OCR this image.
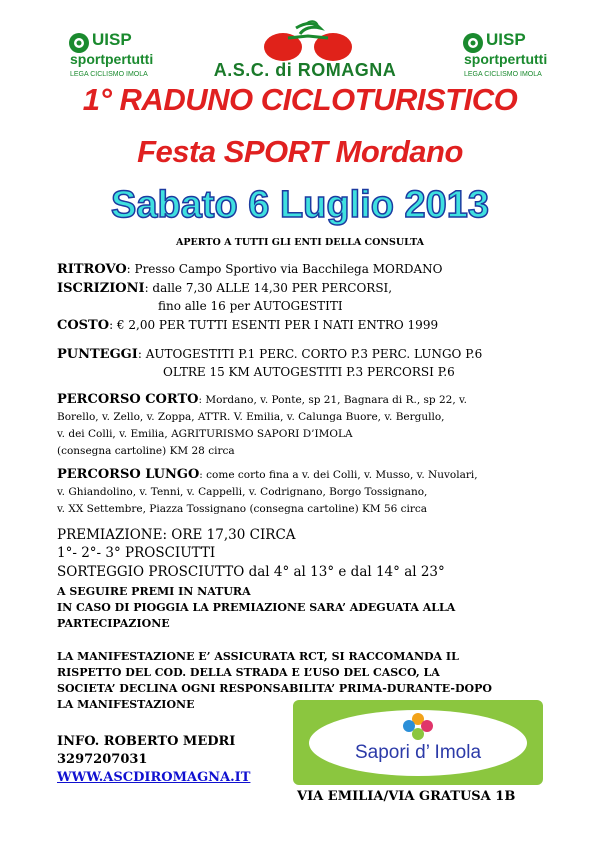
UISP
sportpertutti
LEGA CICLISMO IMOLA	A.S.C. di ROMAGNA
UISP
sportpertutti
LEGA CICLISMO IMOLA
1° RADUNO CICLOTURISTICO
Festa SPORT Mordano
Sabato 6 Luglio 2013
APERTO A TUTTI GLI ENTI DELLA CONSULTA
RITROVO: Presso Campo Sportivo via Bacchilega MORDANO
ISCRIZIONI: dalle 7,30 ALLE 14,30 PER PERCORSI,
fino alle 16 per AUTOGESTITI
COSTO: € 2,00 PER TUTTI ESENTI PER I NATI ENTRO 1999
PUNTEGGI: AUTOGESTITI P.1 PERC. CORTO P.3 PERC. LUNGO P.6
OLTRE 15 KM AUTOGESTITI P.3 PERCORSI P.6
PERCORSO CORTO: Mordano, v. Ponte, sp 21, Bagnara di R., sp 22, v.
Borello, v. Zello, v. Zoppa, ATTR. V. Emilia, v. Calunga Buore, v. Bergullo,
v. dei Colli, v. Emilia, AGRITURISMO SAPORI D’IMOLA
(consegna cartoline) KM 28 circa
PERCORSO LUNGO: come corto fina a v. dei Colli, v. Musso, v. Nuvolari,
v. Ghiandolino, v. Tenni, v. Cappelli, v. Codrignano, Borgo Tossignano,
v. XX Settembre, Piazza Tossignano (consegna cartoline) KM 56 circa
PREMIAZIONE: ORE 17,30 CIRCA
1°- 2°- 3° PROSCIUTTI
SORTEGGIO PROSCIUTTO dal 4° al 13° e dal 14° al 23°
A SEGUIRE PREMI IN NATURA
IN CASO DI PIOGGIA LA PREMIAZIONE SARA’ ADEGUATA ALLA
PARTECIPAZIONE
LA MANIFESTAZIONE E’ ASSICURATA RCT, SI RACCOMANDA IL
RISPETTO DEL COD. DELLA STRADA E L’USO DEL CASCO, LA
SOCIETA’ DECLINA OGNI RESPONSABILITA’ PRIMA-DURANTE-DOPO
LA MANIFESTAZIONE
INFO. ROBERTO MEDRI
3297207031
WWW.ASCDIROMAGNA.IT
Sapori d’ Imola
VIA EMILIA/VIA GRATUSA 1B
